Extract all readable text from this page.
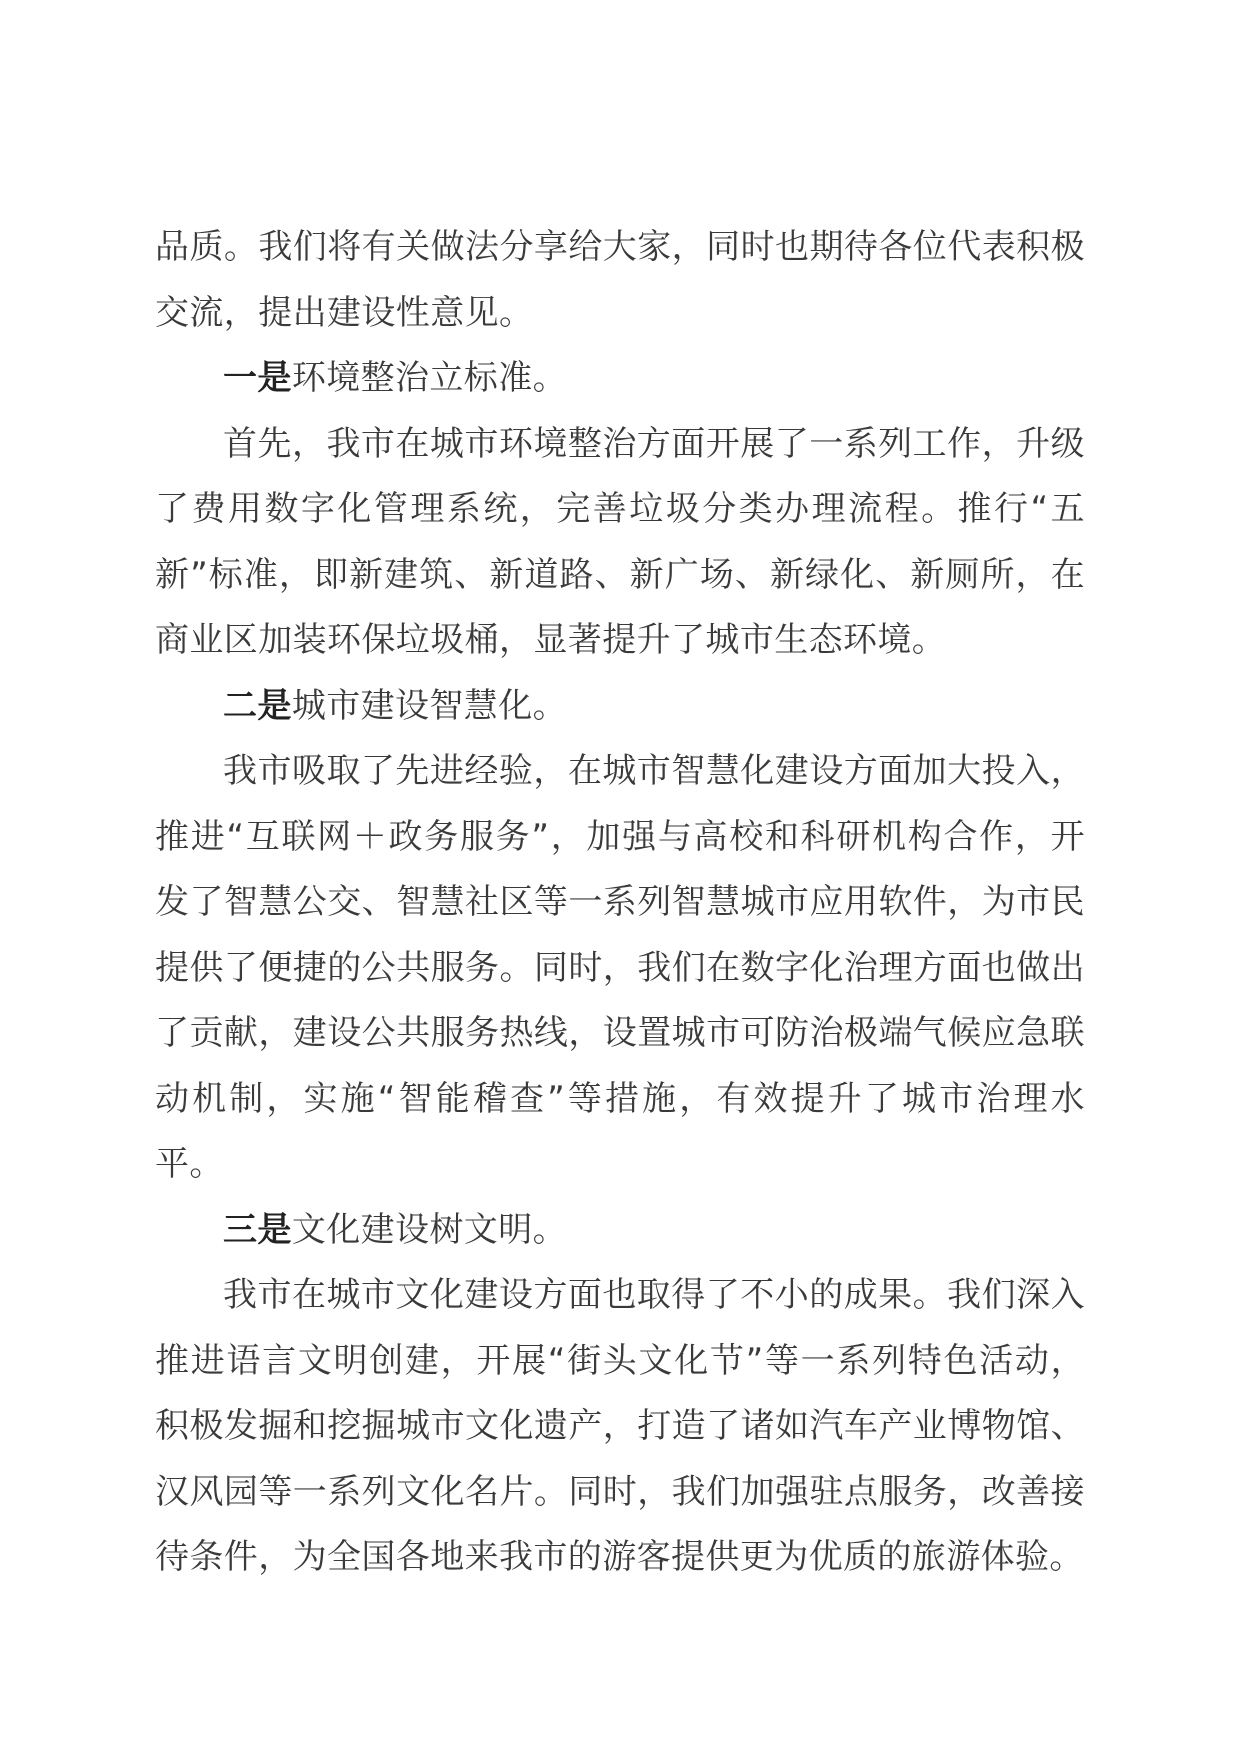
品质。我们将有关做法分享给大家，同时也期待各位代表积极交流，提出建设性意见。

一是环境整治立标准。

首先，我市在城市环境整治方面开展了一系列工作，升级了费用数字化管理系统，完善垃圾分类办理流程。推行“五新”标准，即新建筑、新道路、新广场、新绿化、新厕所，在商业区加装环保垃圾桶，显著提升了城市生态环境。

二是城市建设智慧化。

我市吸取了先进经验，在城市智慧化建设方面加大投入，推进“互联网＋政务服务”，加强与高校和科研机构合作，开发了智慧公交、智慧社区等一系列智慧城市应用软件，为市民提供了便捷的公共服务。同时，我们在数字化治理方面也做出了贡献，建设公共服务热线，设置城市可防治极端气候应急联动机制，实施“智能稽查”等措施，有效提升了城市治理水平。

三是文化建设树文明。

我市在城市文化建设方面也取得了不小的成果。我们深入推进语言文明创建，开展“街头文化节”等一系列特色活动，积极发掘和挖掘城市文化遗产，打造了诸如汽车产业博物馆、汉风园等一系列文化名片。同时，我们加强驻点服务，改善接待条件，为全国各地来我市的游客提供更为优质的旅游体验。
